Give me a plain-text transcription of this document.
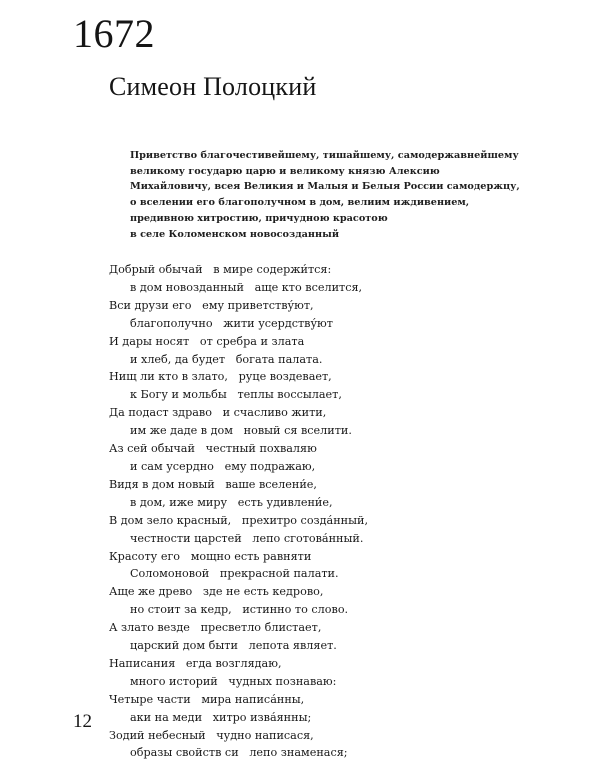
1672
Симеон Полоцкий
Приветство благочестивейшему, тишайшему, самодержавнейшему
великому государю царю и великому князю Алексию
Михайловичу, всея Великия и Малыя и Белыя России самодержцу,
о вселении его благополучном в дом, велиим иждивением,
предивною хитростию, причудною красотою
в селе Коломенском новосозданный
Добрый обычай   в мире содержи́тся:
в дом новозданный   аще кто вселится,
Вси друзи его   ему приветству́ют,
благополучно   жити усердству́ют
И дары носят   от сребра и злата
и хлеб, да будет   богата палата.
Нищ ли кто в злато,   руце воздевает,
к Богу и мольбы   теплы воссылает,
Да подаст здраво   и счасливо жити,
им же даде в дом   новый ся вселити.
Аз сей обычай   честный похваляю
и сам усердно   ему подражаю,
Видя в дом новый   ваше вселени́е,
в дом, иже миру   есть удивлени́е,
В дом зело красный,   прехитро созда́нный,
честности царстей   лепо сготова́нный.
Красоту его   мощно есть равняти
Соломоновой   прекрасной палати.
Аще же древо   зде не есть кедрово,
но стоит за кедр,   истинно то слово.
А злато везде   пресветло блистает,
царский дом быти   лепота являет.
Написания   егда возглядаю,
много историй   чудных познаваю:
Четыре части   мира написа́нны,
аки на меди   хитро изва́янны;
Зодий небесный   чудно написася,
образы свойств си   лепо знаменася;
12
